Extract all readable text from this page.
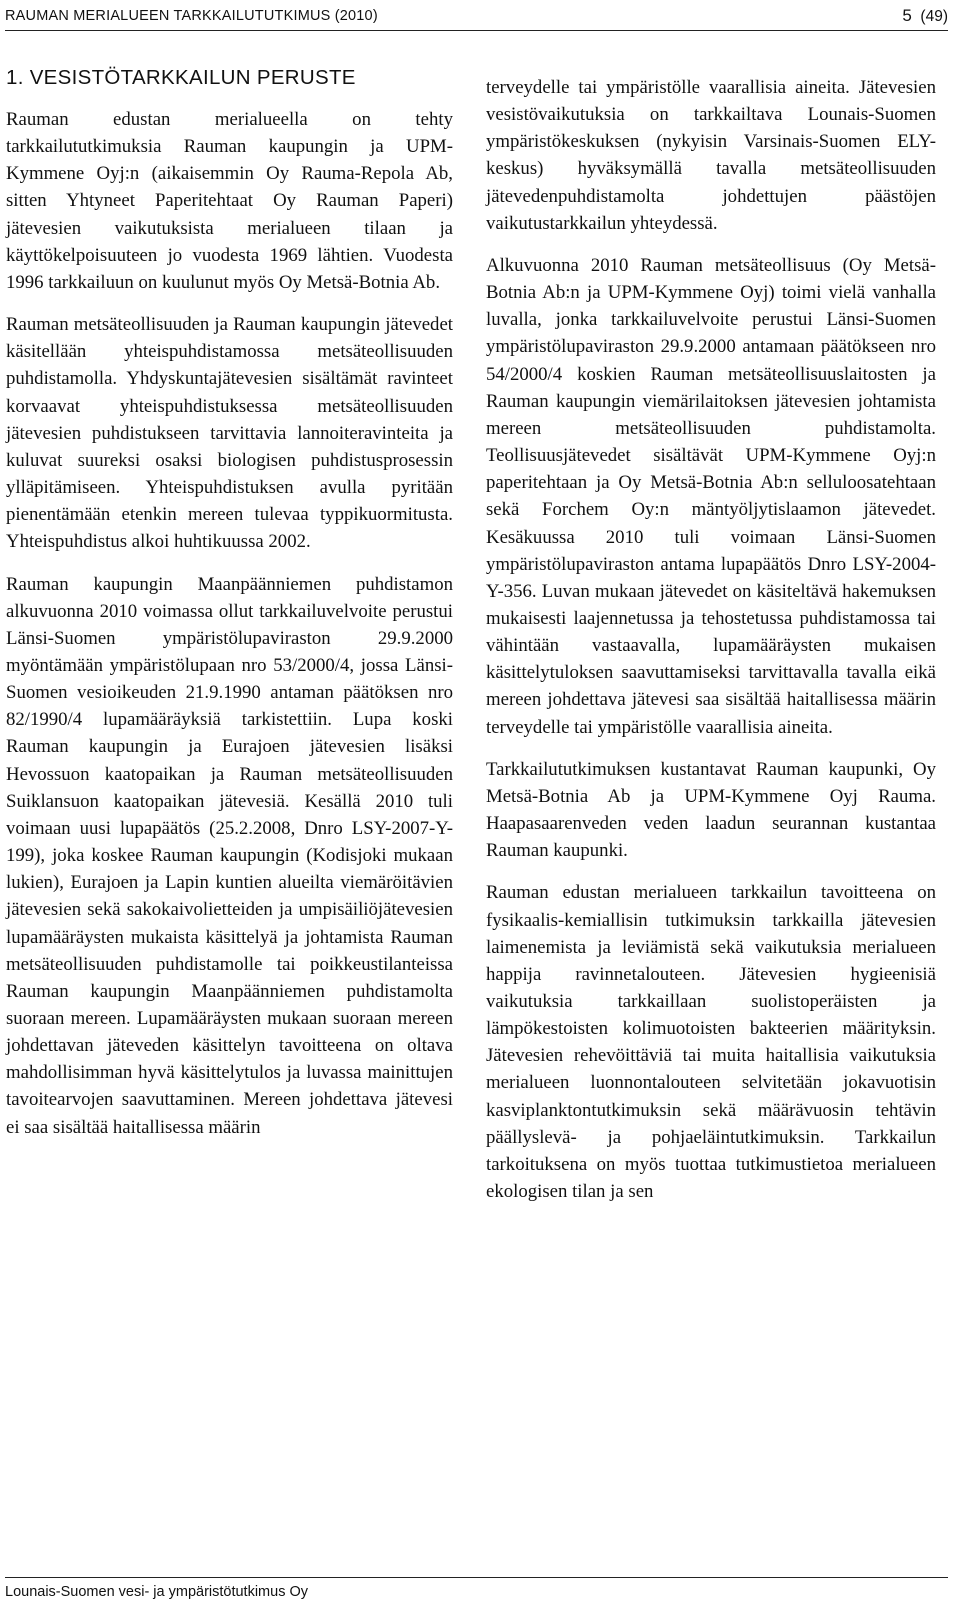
RAUMAN MERIALUEEN TARKKAILUTUTKIMUS (2010)	5 (49)
1. VESISTÖTARKKAILUN PERUSTE

Rauman edustan merialueella on tehty tarkkailututkimuksia Rauman kaupungin ja UPM-Kymmene Oyj:n (aikaisemmin Oy Rauma-Repola Ab, sitten Yhtyneet Paperitehtaat Oy Rauman Paperi) jätevesien vaikutuksista merialueen tilaan ja käyttökelpoisuuteen jo vuodesta 1969 lähtien. Vuodesta 1996 tarkkailuun on kuulunut myös Oy Metsä-Botnia Ab.

Rauman metsäteollisuuden ja Rauman kaupungin jätevedet käsitellään yhteispuhdistamossa metsäteollisuuden puhdistamolla. Yhdyskuntajätevesien sisältämät ravinteet korvaavat yhteispuhdistuksessa metsäteollisuuden jätevesien puhdistukseen tarvittavia lannoiteravinteita ja kuluvat suureksi osaksi biologisen puhdistusprosessin ylläpitämiseen. Yhteispuhdistuksen avulla pyritään pienentämään etenkin mereen tulevaa typpikuormitusta. Yhteispuhdistus alkoi huhtikuussa 2002.

Rauman kaupungin Maanpäänniemen puhdistamon alkuvuonna 2010 voimassa ollut tarkkailuvelvoite perustui Länsi-Suomen ympäristölupaviraston 29.9.2000 myöntämään ympäristölupaan nro 53/2000/4, jossa Länsi-Suomen vesioikeuden 21.9.1990 antaman päätöksen nro 82/1990/4 lupamääräyksiä tarkistettiin. Lupa koski Rauman kaupungin ja Eurajoen jätevesien lisäksi Hevossuon kaatopaikan ja Rauman metsäteollisuuden Suiklansuon kaatopaikan jätevesiä. Kesällä 2010 tuli voimaan uusi lupapäätös (25.2.2008, Dnro LSY-2007-Y-199), joka koskee Rauman kaupungin (Kodisjoki mukaan lukien), Eurajoen ja Lapin kuntien alueilta viemäröitävien jätevesien sekä sakokaivolietteiden ja umpisäiliöjätevesien lupamääräysten mukaista käsittelyä ja johtamista Rauman metsäteollisuuden puhdistamolle tai poikkeustilanteissa Rauman kaupungin Maanpäänniemen puhdistamolta suoraan mereen. Lupamääräysten mukaan suoraan mereen johdettavan jäteveden käsittelyn tavoitteena on oltava mahdollisimman hyvä käsittelytulos ja luvassa mainittujen tavoitearvojen saavuttaminen. Mereen johdettava jätevesi ei saa sisältää haitallisessa määrin

terveydelle tai ympäristölle vaarallisia aineita. Jätevesien vesistövaikutuksia on tarkkailtava Lounais-Suomen ympäristökeskuksen (nykyisin Varsinais-Suomen ELY-keskus) hyväksymällä tavalla metsäteollisuuden jätevedenpuhdistamolta johdettujen päästöjen vaikutustarkkailun yhteydessä.

Alkuvuonna 2010 Rauman metsäteollisuus (Oy Metsä-Botnia Ab:n ja UPM-Kymmene Oyj) toimi vielä vanhalla luvalla, jonka tarkkailuvelvoite perustui Länsi-Suomen ympäristölupaviraston 29.9.2000 antamaan päätökseen nro 54/2000/4 koskien Rauman metsäteollisuuslaitosten ja Rauman kaupungin viemärilaitoksen jätevesien johtamista mereen metsäteollisuuden puhdistamolta. Teollisuusjätevedet sisältävät UPM-Kymmene Oyj:n paperitehtaan ja Oy Metsä-Botnia Ab:n selluloosatehtaan sekä Forchem Oy:n mäntyöljytislaamon jätevedet. Kesäkuussa 2010 tuli voimaan Länsi-Suomen ympäristölupaviraston antama lupapäätös Dnro LSY-2004-Y-356. Luvan mukaan jätevedet on käsiteltävä hakemuksen mukaisesti laajennetussa ja tehostetussa puhdistamossa tai vähintään vastaavalla, lupamääräysten mukaisen käsittelytuloksen saavuttamiseksi tarvittavalla tavalla eikä mereen johdettava jätevesi saa sisältää haitallisessa määrin terveydelle tai ympäristölle vaarallisia aineita.

Tarkkailututkimuksen kustantavat Rauman kaupunki, Oy Metsä-Botnia Ab ja UPM-Kymmene Oyj Rauma. Haapasaarenveden veden laadun seurannan kustantaa Rauman kaupunki.

Rauman edustan merialueen tarkkailun tavoitteena on fysikaalis-kemiallisin tutkimuksin tarkkailla jätevesien laimenemista ja leviämistä sekä vaikutuksia merialueen happija ravinnetalouteen. Jätevesien hygieenisiä vaikutuksia tarkkaillaan suolistoperäisten ja lämpökestoisten kolimuotoisten bakteerien määrityksin. Jätevesien rehevöittäviä tai muita haitallisia vaikutuksia merialueen luonnontalouteen selvitetään jokavuotisin kasviplanktontutkimuksin sekä määrävuosin tehtävin päällyslevä- ja pohjaeläintutkimuksin. Tarkkailun tarkoituksena on myös tuottaa tutkimustietoa merialueen ekologisen tilan ja sen

Lounais-Suomen vesi- ja ympäristötutkimus Oy
